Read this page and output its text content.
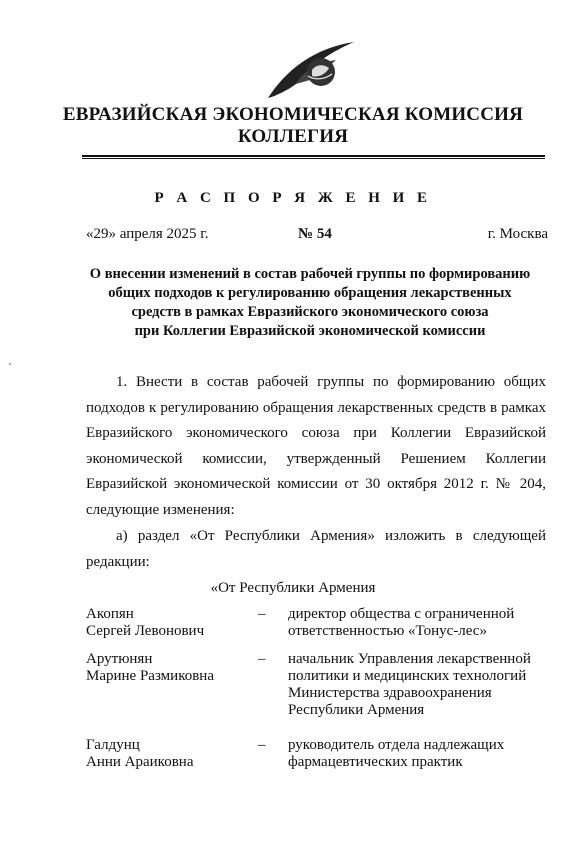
ЕВРАЗИЙСКАЯ ЭКОНОМИЧЕСКАЯ КОМИССИЯ
КОЛЛЕГИЯ
Р А С П О Р Я Ж Е Н И Е
«29» апреля 2025 г.	№ 54	г. Москва
О внесении изменений в состав рабочей группы по формированию
общих подходов к регулированию обращения лекарственных
средств в рамках Евразийского экономического союза
при Коллегии Евразийской экономической комиссии
1. Внести в состав рабочей группы по формированию общих
подходов к регулированию обращения лекарственных средств в рамках
Евразийского экономического союза при Коллегии Евразийской
экономической комиссии, утвержденный Решением Коллегии
Евразийской экономической комиссии от 30 октября 2012 г. № 204,
следующие изменения:
а) раздел «От Республики Армения» изложить в следующей
редакции:
«От Республики Армения
Акопян
Сергей Левонович
–	директор общества с ограниченной
ответственностью «Тонус-лес»
Арутюнян
Марине Размиковна
–	начальник Управления лекарственной
политики и медицинских технологий
Министерства здравоохранения
Республики Армения
Галдунц
Анни Араиковна
–	руководитель отдела надлежащих
фармацевтических практик
